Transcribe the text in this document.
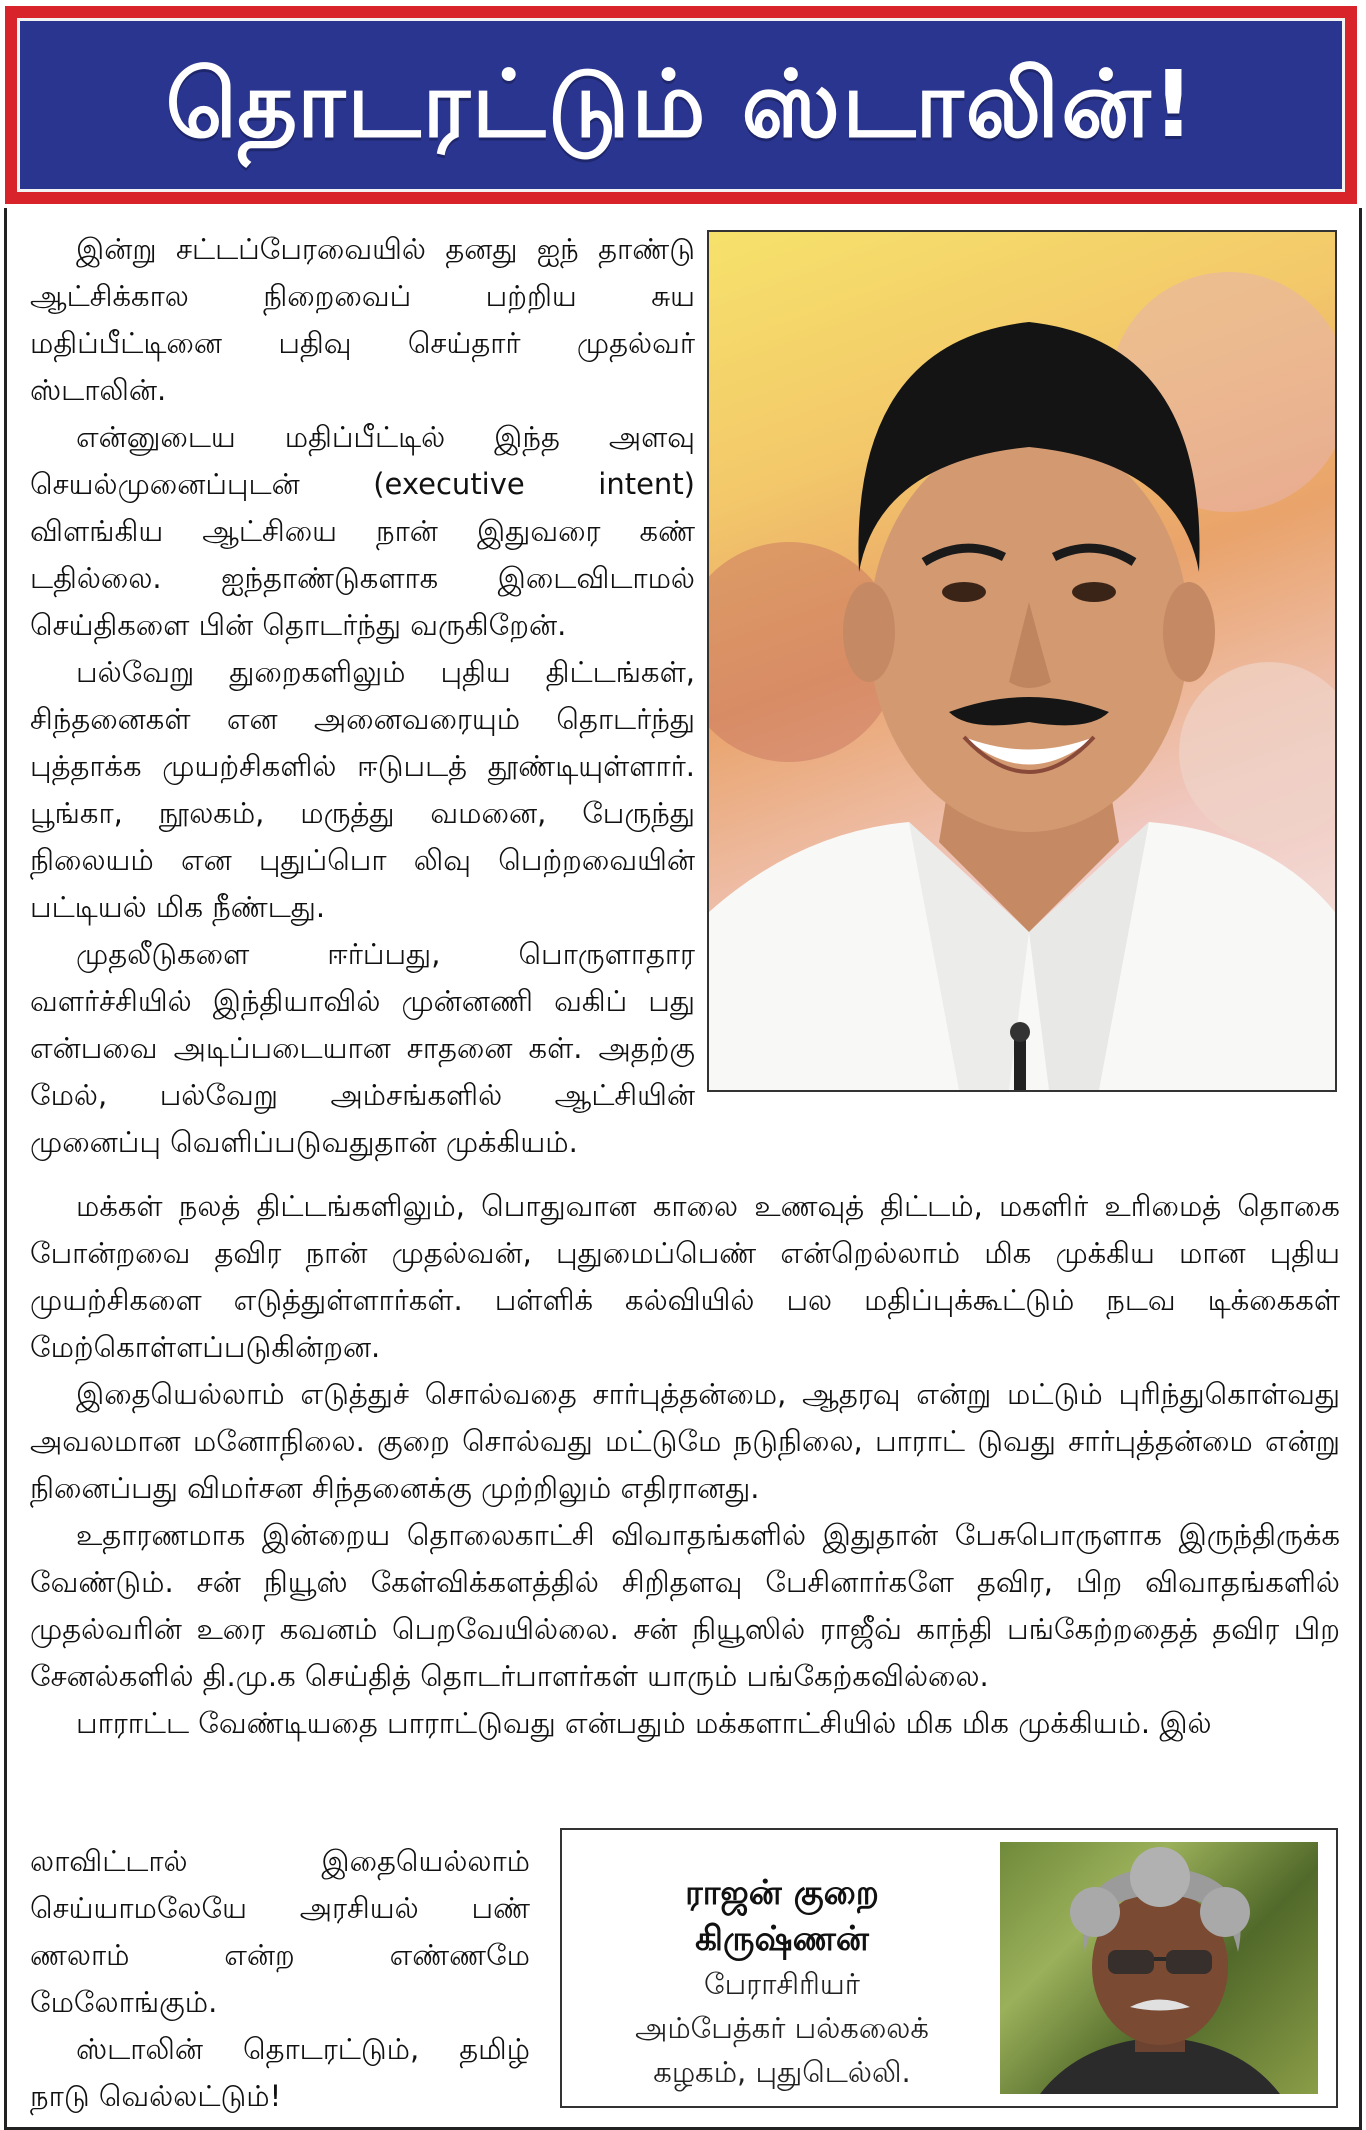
தொடரட்டும் ஸ்டாலின்!

இன்று சட்டப்பேரவையில் தனது ஐந் தாண்டு ஆட்சிக்கால நிறைவைப் பற்றிய சுய மதிப்பீட்டினை பதிவு செய்தார் முதல்வர் ஸ்டாலின்.

என்னுடைய மதிப்பீட்டில் இந்த அளவு செயல்முனைப்புடன் (executive intent) விளங்கிய ஆட்சியை நான் இதுவரை கண் டதில்லை. ஐந்தாண்டுகளாக இடைவிடாமல் செய்திகளை பின் தொடர்ந்து வருகிறேன்.

பல்வேறு துறைகளிலும் புதிய திட்டங்கள், சிந்தனைகள் என அனைவரையும் தொடர்ந்து புத்தாக்க முயற்சிகளில் ஈடுபடத் தூண்டியுள்ளார். பூங்கா, நூலகம், மருத்து வமனை, பேருந்து நிலையம் என புதுப்பொ லிவு பெற்றவையின் பட்டியல் மிக நீண்டது.

முதலீடுகளை ஈர்ப்பது, பொருளாதார வளர்ச்சியில் இந்தியாவில் முன்னணி வகிப் பது என்பவை அடிப்படையான சாதனை கள். அதற்கு மேல், பல்வேறு அம்சங்களில் ஆட்சியின் முனைப்பு வெளிப்படுவதுதான் முக்கியம்.

மக்கள் நலத் திட்டங்களிலும், பொதுவான காலை உணவுத் திட்டம், மகளிர் உரிமைத் தொகை போன்றவை தவிர நான் முதல்வன், புதுமைப்பெண் என்றெல்லாம் மிக முக்கிய மான புதிய முயற்சிகளை எடுத்துள்ளார்கள். பள்ளிக் கல்வியில் பல மதிப்புக்கூட்டும் நடவ டிக்கைகள் மேற்கொள்ளப்படுகின்றன.

இதையெல்லாம் எடுத்துச் சொல்வதை சார்புத்தன்மை, ஆதரவு என்று மட்டும் புரிந்துகொள்வது அவலமான மனோநிலை. குறை சொல்வது மட்டுமே நடுநிலை, பாராட் டுவது சார்புத்தன்மை என்று நினைப்பது விமர்சன சிந்தனைக்கு முற்றிலும் எதிரானது.

உதாரணமாக இன்றைய தொலைகாட்சி விவாதங்களில் இதுதான் பேசுபொருளாக இருந்திருக்க வேண்டும். சன் நியூஸ் கேள்விக்களத்தில் சிறிதளவு பேசினார்களே தவிர, பிற விவாதங்களில் முதல்வரின் உரை கவனம் பெறவேயில்லை. சன் நியூஸில் ராஜீவ் காந்தி பங்கேற்றதைத் தவிர பிற சேனல்களில் தி.மு.க செய்தித் தொடர்பாளர்கள் யாரும் பங்கேற்கவில்லை.

பாராட்ட வேண்டியதை பாராட்டுவது என்பதும் மக்களாட்சியில் மிக மிக முக்கியம். இல்

லாவிட்டால் இதையெல்லாம் செய்யாமலேயே அரசியல் பண் ணலாம் என்ற எண்ணமே மேலோங்கும்.

ஸ்டாலின் தொடரட்டும், தமிழ் நாடு வெல்லட்டும்!

ராஜன் குறை
கிருஷ்ணன்
பேராசிரியர்
அம்பேத்கர் பல்கலைக்
கழகம், புதுடெல்லி.
